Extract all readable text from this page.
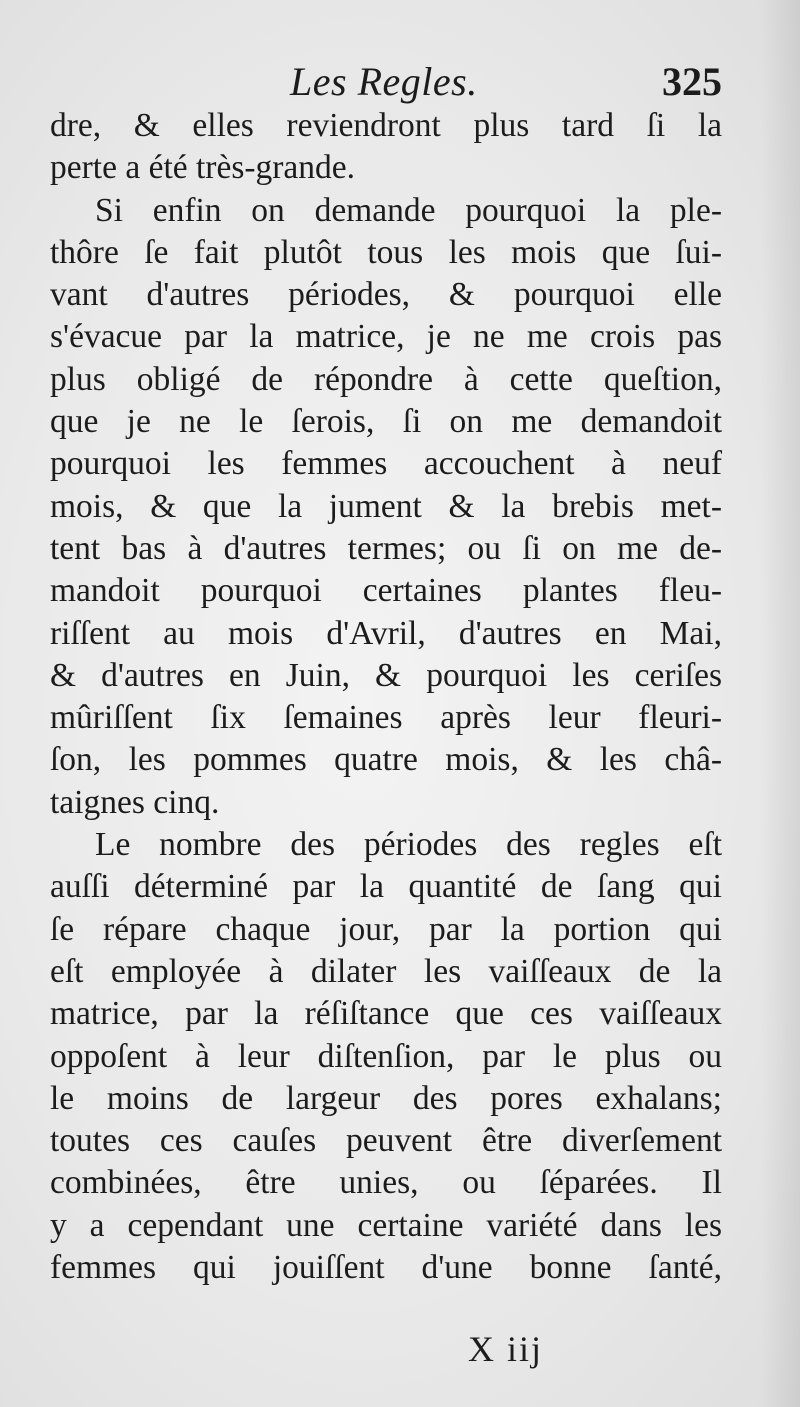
Les Regles.	325
dre, & elles reviendront plus tard ſi la
perte a été très-grande.
Si enfin on demande pourquoi la ple-
thôre ſe fait plutôt tous les mois que ſui-
vant d'autres périodes, & pourquoi elle
s'évacue par la matrice, je ne me crois pas
plus obligé de répondre à cette queſtion,
que je ne le ſerois, ſi on me demandoit
pourquoi les femmes accouchent à neuf
mois, & que la jument & la brebis met-
tent bas à d'autres termes; ou ſi on me de-
mandoit pourquoi certaines plantes fleu-
riſſent au mois d'Avril, d'autres en Mai,
& d'autres en Juin, & pourquoi les ceriſes
mûriſſent ſix ſemaines après leur fleuri-
ſon, les pommes quatre mois, & les châ-
taignes cinq.
Le nombre des périodes des regles eſt
auſſi déterminé par la quantité de ſang qui
ſe répare chaque jour, par la portion qui
eſt employée à dilater les vaiſſeaux de la
matrice, par la réſiſtance que ces vaiſſeaux
oppoſent à leur diſtenſion, par le plus ou
le moins de largeur des pores exhalans;
toutes ces cauſes peuvent être diverſement
combinées, être unies, ou ſéparées. Il
y a cependant une certaine variété dans les
femmes qui jouiſſent d'une bonne ſanté,
X iij
